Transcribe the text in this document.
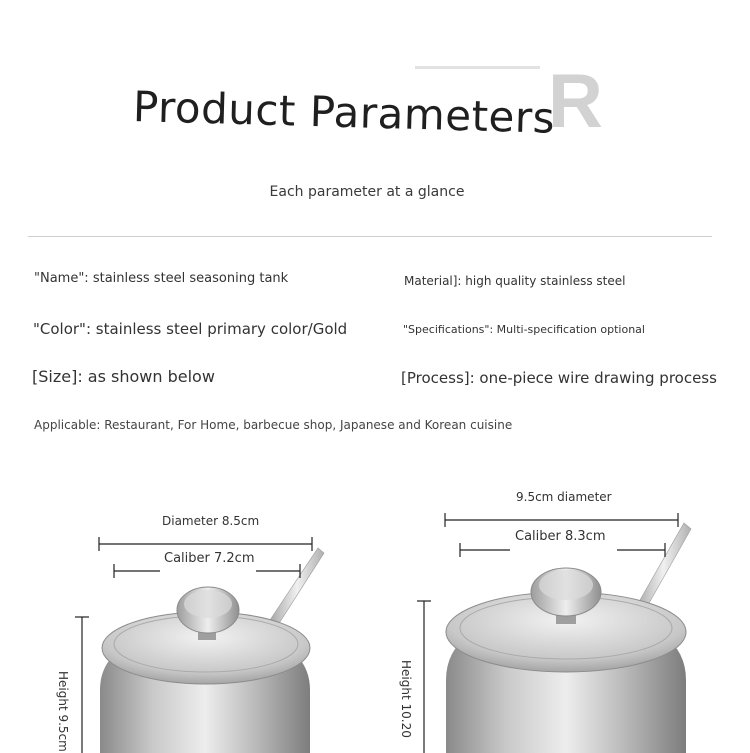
R
Product Parameters
Each parameter at a glance
"Name": stainless steel seasoning tank	Material]: high quality stainless steel
"Color": stainless steel primary color/Gold	"Specifications": Multi-specification optional
[Size]: as shown below	[Process]: one-piece wire drawing process
Applicable: Restaurant, For Home, barbecue shop, Japanese and Korean cuisine
Diameter 8.5cm
Caliber 7.2cm
Height 9.5cm
9.5cm diameter
Caliber 8.3cm
Height 10.20
